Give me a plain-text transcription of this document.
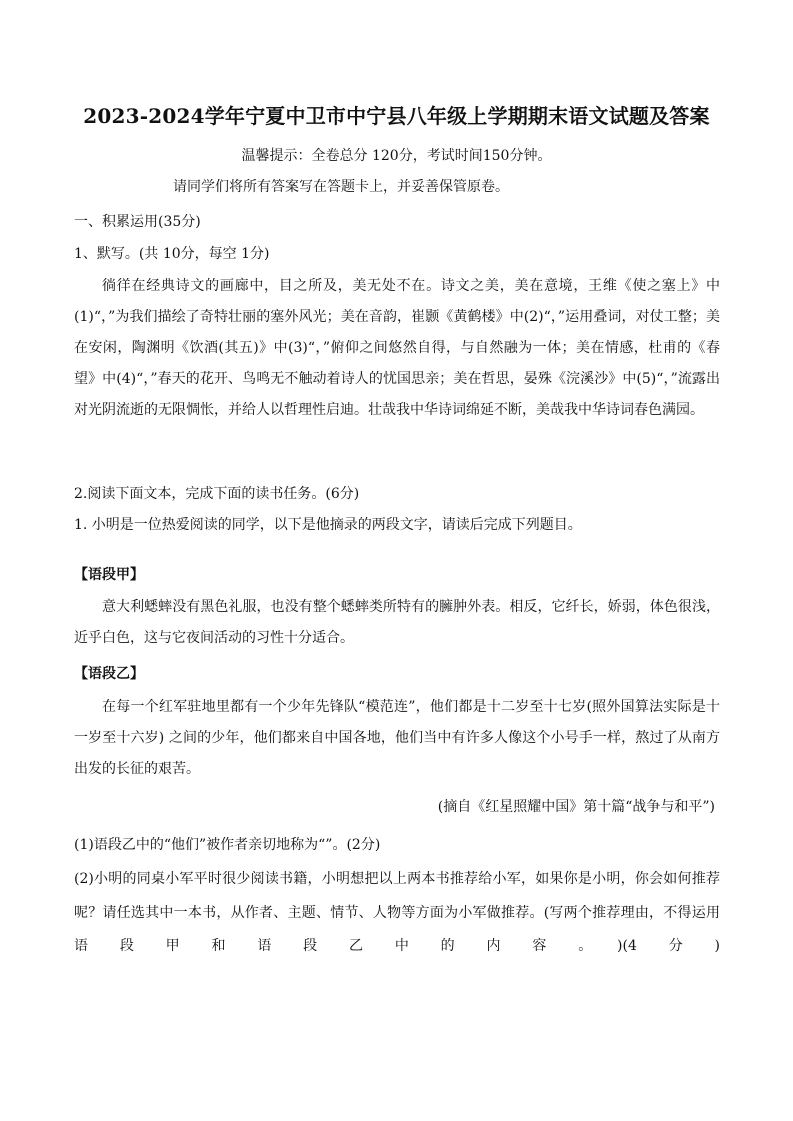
2023-2024学年宁夏中卫市中宁县八年级上学期期末语文试题及答案
温馨提示：全卷总分 120分，考试时间150分钟。
请同学们将所有答案写在答题卡上，并妥善保管原卷。
一、积累运用(35分)
1、默写。(共 10分，每空 1分)
徜徉在经典诗文的画廊中，目之所及，美无处不在。诗文之美，美在意境，王维《使之塞上》中(1)“，”为我们描绘了奇特壮丽的塞外风光；美在音韵，崔颢《黄鹤楼》中(2)“，”运用叠词，对仗工整；美在安闲，陶渊明《饮酒(其五)》中(3)“，”俯仰之间悠然自得，与自然融为一体；美在情感，杜甫的《春望》中(4)“，”春天的花开、鸟鸣无不触动着诗人的忧国思亲；美在哲思，晏殊《浣溪沙》中(5)“，”流露出对光阴流逝的无限惆怅，并给人以哲理性启迪。壮哉我中华诗词绵延不断，美哉我中华诗词春色满园。
2.阅读下面文本，完成下面的读书任务。(6分)
1. 小明是一位热爱阅读的同学，以下是他摘录的两段文字，请读后完成下列题目。
【语段甲】
意大利蟋蟀没有黑色礼服，也没有整个蟋蟀类所特有的臃肿外表。相反，它纤长，娇弱，体色很浅，近乎白色，这与它夜间活动的习性十分适合。
【语段乙】
在每一个红军驻地里都有一个少年先锋队“模范连”，他们都是十二岁至十七岁(照外国算法实际是十一岁至十六岁) 之间的少年，他们都来自中国各地，他们当中有许多人像这个小号手一样，熬过了从南方出发的长征的艰苦。
(摘自《红星照耀中国》第十篇“战争与和平”)
(1)语段乙中的“他们”被作者亲切地称为“”。(2分)
(2)小明的同桌小军平时很少阅读书籍，小明想把以上两本书推荐给小军，如果你是小明，你会如何推荐
呢？请任选其中一本书，从作者、主题、情节、人物等方面为小军做推荐。(写两个推荐理由，不得运用
语段甲和语段乙中的内容。)(4分)
